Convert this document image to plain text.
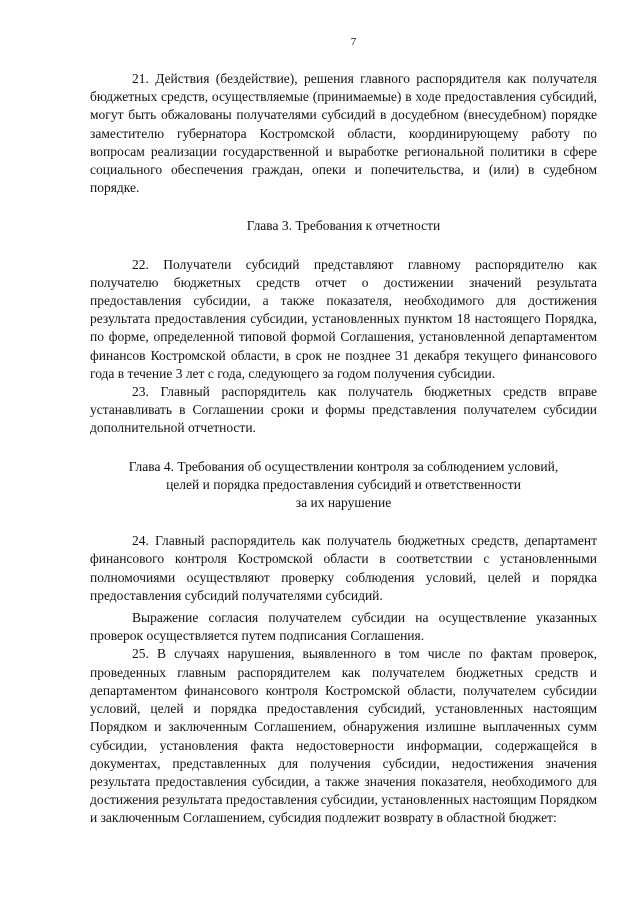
7

21. Действия (бездействие), решения главного распорядителя как получателя бюджетных средств, осуществляемые (принимаемые) в ходе предоставления субсидий, могут быть обжалованы получателями субсидий в досудебном (внесудебном) порядке заместителю губернатора Костромской области, координирующему работу по вопросам реализации государственной и выработке региональной политики в сфере социального обеспечения граждан, опеки и попечительства, и (или) в судебном порядке.

Глава 3. Требования к отчетности

22. Получатели субсидий представляют главному распорядителю как получателю бюджетных средств отчет о достижении значений результата предоставления субсидии, а также показателя, необходимого для достижения результата предоставления субсидии, установленных пунктом 18 настоящего Порядка, по форме, определенной типовой формой Соглашения, установленной департаментом финансов Костромской области, в срок не позднее 31 декабря текущего финансового года в течение 3 лет с года, следующего за годом получения субсидии.

23. Главный распорядитель как получатель бюджетных средств вправе устанавливать в Соглашении сроки и формы представления получателем субсидии дополнительной отчетности.

Глава 4. Требования об осуществлении контроля за соблюдением условий,

целей и порядка предоставления субсидий и ответственности

за их нарушение

24. Главный распорядитель как получатель бюджетных средств, департамент финансового контроля Костромской области в соответствии с установленными полномочиями осуществляют проверку соблюдения условий, целей и порядка предоставления субсидий получателями субсидий.

Выражение согласия получателем субсидии на осуществление указанных проверок осуществляется путем подписания Соглашения.

25. В случаях нарушения, выявленного в том числе по фактам проверок, проведенных главным распорядителем как получателем бюджетных средств и департаментом финансового контроля Костромской области, получателем субсидии условий, целей и порядка предоставления субсидий, установленных настоящим Порядком и заключенным Соглашением, обнаружения излишне выплаченных сумм субсидии, установления факта недостоверности информации, содержащейся в документах, представленных для получения субсидии, недостижения значения результата предоставления субсидии, а также значения показателя, необходимого для достижения результата предоставления субсидии, установленных настоящим Порядком и заключенным Соглашением, субсидия подлежит возврату в областной бюджет:
